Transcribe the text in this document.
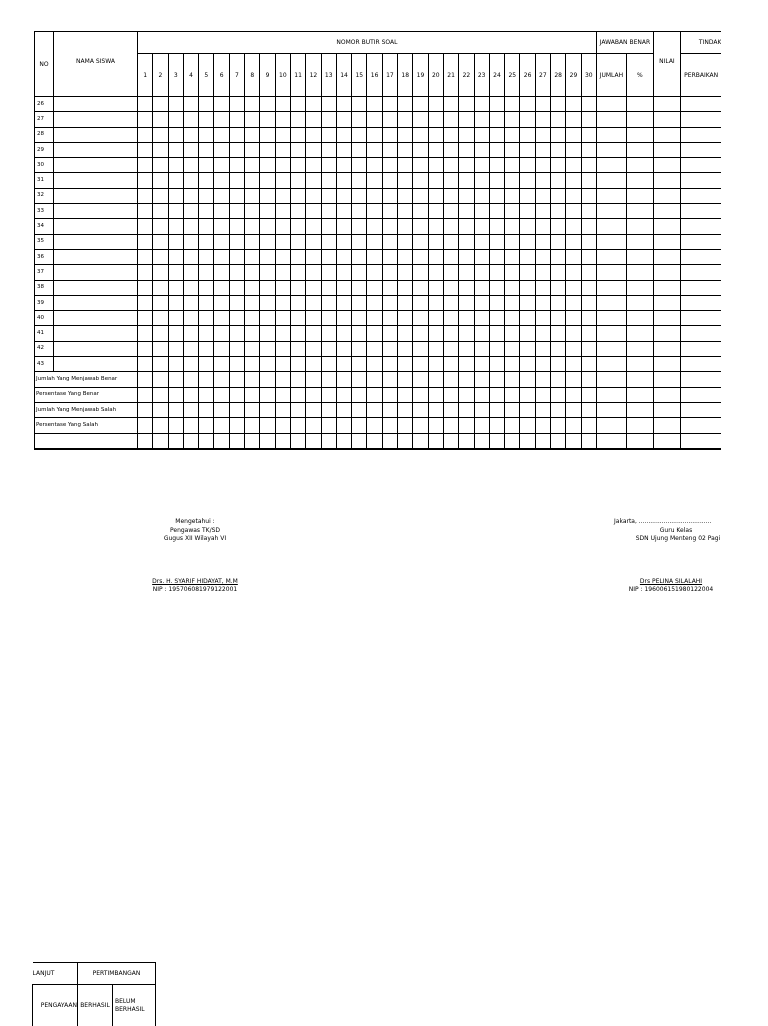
NO	NAMA SISWA	NOMOR BUTIR SOAL																														JAWABAN BENAR		NILAI	TINDAK
		1	2	3	4	5	6	7	8	9	10	11	12	13	14	15	16	17	18	19	20	21	22	23	24	25	26	27	28	29	30	JUMLAH	%		PERBAIKAN
26																																			
27																																			
28																																			
29																																			
30																																			
31																																			
32																																			
33																																			
34																																			
35																																			
36																																			
37																																			
38																																			
39																																			
40																																			
41																																			
42																																			
43																																			
Jumlah Yang Menjawab Benar																																			
Persentase Yang Benar																																			
Jumlah Yang Menjawab Salah																																			
Persentase Yang Salah																																			

Mengetahui :
Pengawas TK/SD
Gugus XII Wilayah VI
Drs. H. SYARIF HIDAYAT, M.M
NIP : 195706081979122001
Jakarta, ......................................
Guru Kelas
SDN Ujung Menteng 02 Pagi
Drs PELINA SILALAHI
NIP : 196006151980122004
LANJUT	PERTIMBANGAN	
PENGAYAAN	BERHASIL	BELUM
BERHASIL
